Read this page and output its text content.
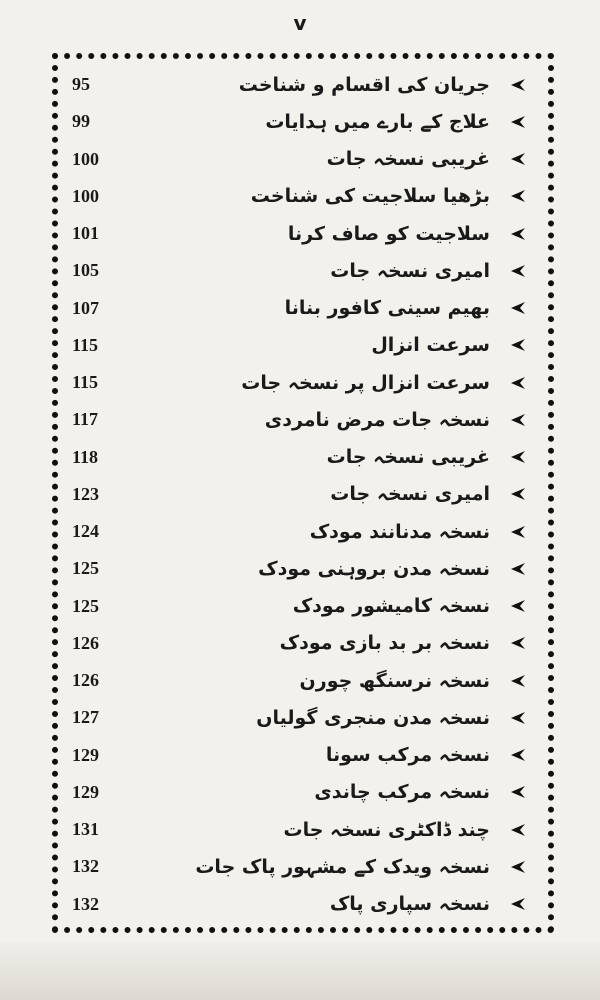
v
95	جریان کی اقسام و شناخت
99	علاج کے بارے میں ہدایات
100	غریبی نسخہ جات
100	بڑھیا سلاجیت کی شناخت
101	سلاجیت کو صاف کرنا
105	امیری نسخہ جات
107	بھیم سینی کافور بنانا
115	سرعت انزال
115	سرعت انزال پر نسخہ جات
117	نسخہ جات مرض نامردی
118	غریبی نسخہ جات
123	امیری نسخہ جات
124	نسخہ مدنانند مودک
125	نسخہ مدن بروہنی مودک
125	نسخہ کامیشور مودک
126	نسخہ بر بد بازی مودک
126	نسخہ نرسنگھ چورن
127	نسخہ مدن منجری گولیاں
129	نسخہ مرکب سونا
129	نسخہ مرکب چاندی
131	چند ڈاکٹری نسخہ جات
132	نسخہ ویدک کے مشہور پاک جات
132	نسخہ سپاری پاک
